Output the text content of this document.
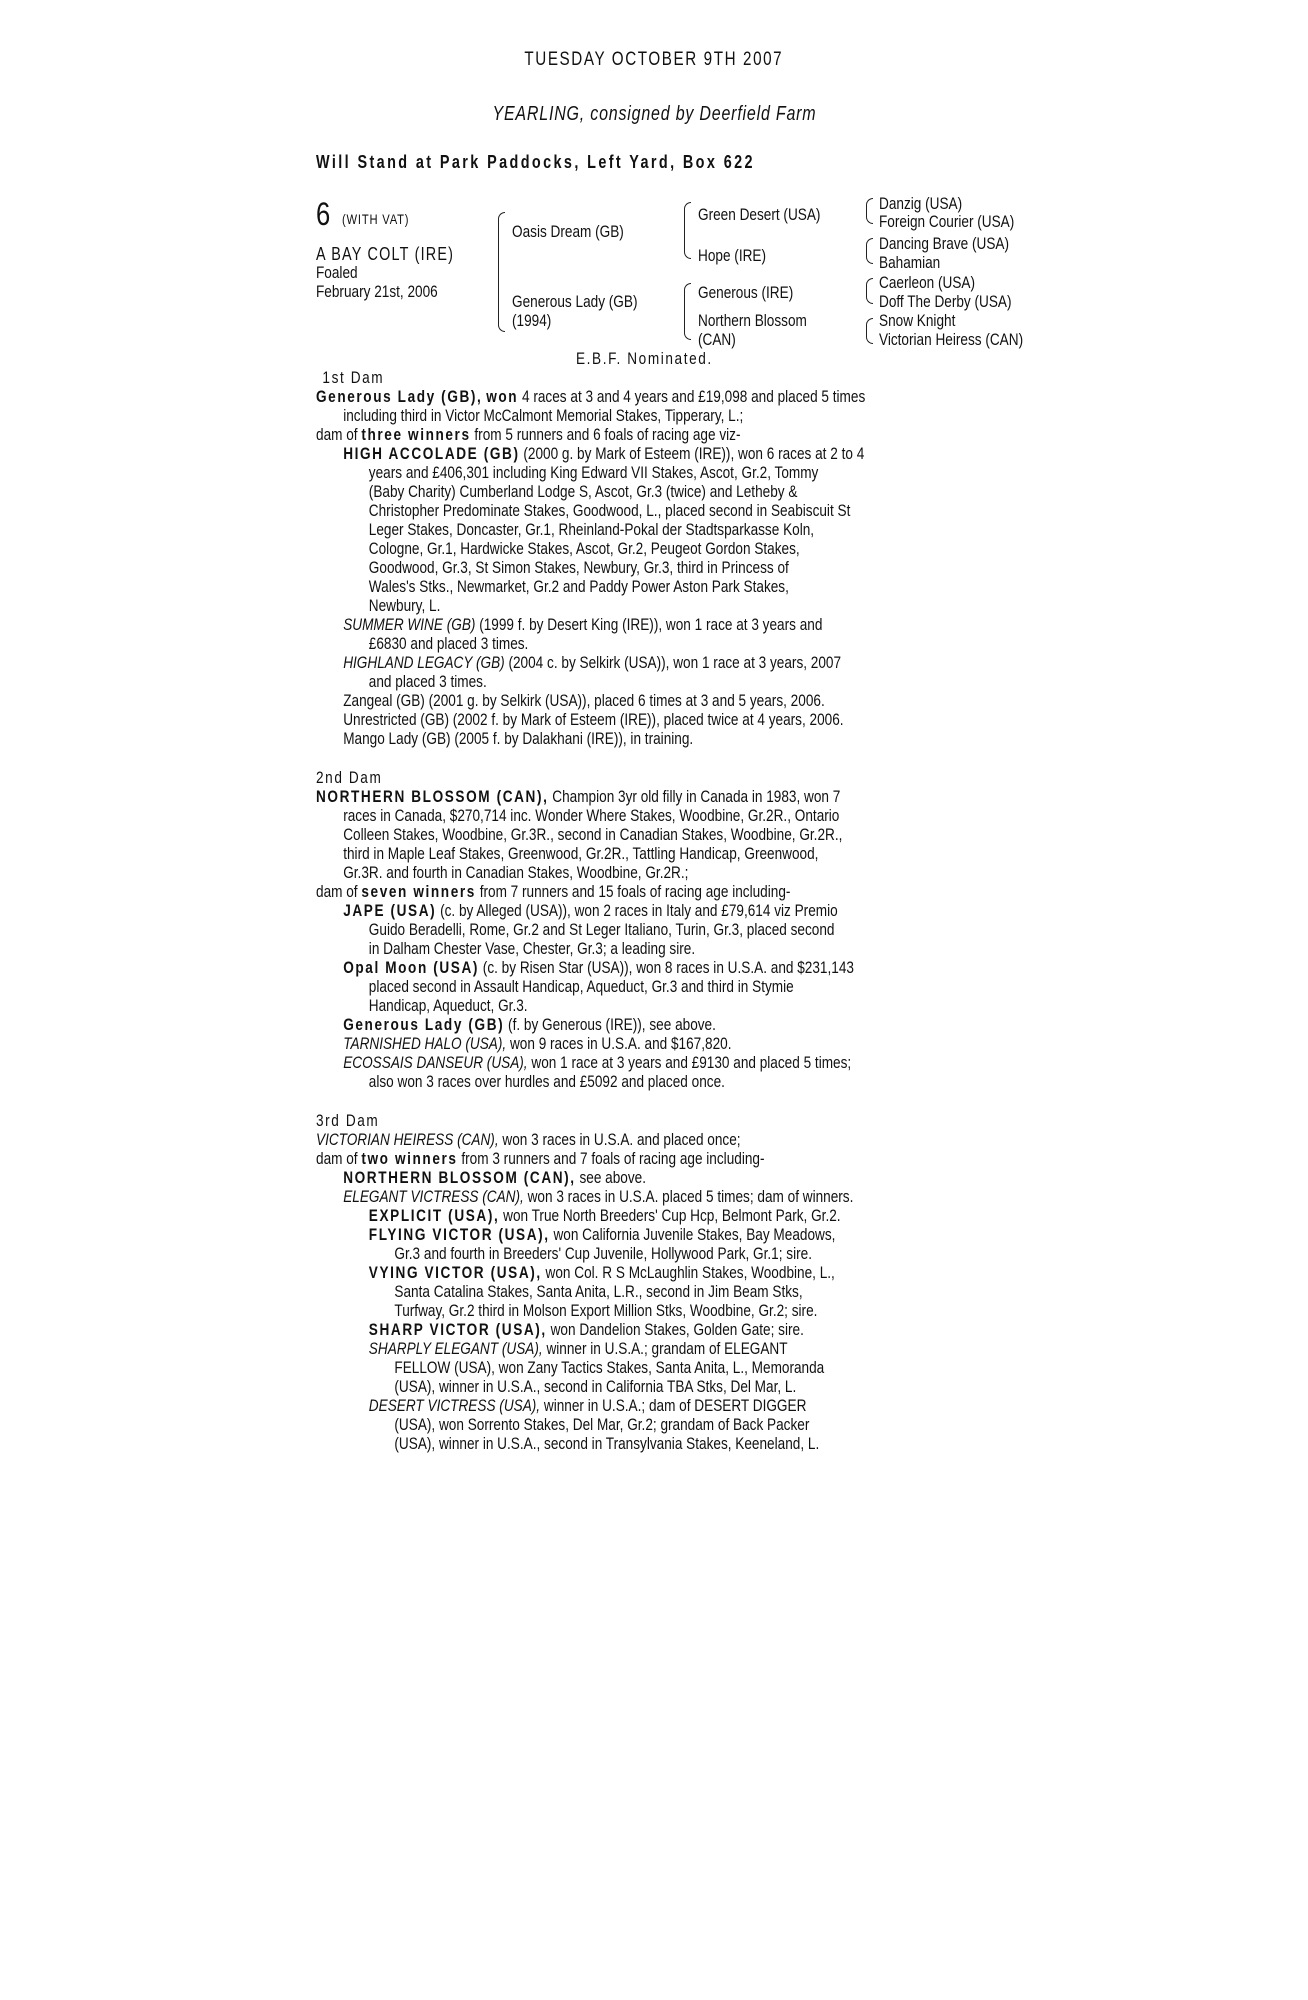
TUESDAY OCTOBER 9TH 2007
YEARLING, consigned by Deerfield Farm
Will Stand at Park Paddocks, Left Yard, Box 622
6 (WITH VAT)
A BAY COLT (IRE)
Foaled
February 21st, 2006
Oasis Dream (GB)
Generous Lady (GB)
(1994)
Green Desert (USA)
Hope (IRE)
Generous (IRE)
Northern Blossom
(CAN)
Danzig (USA)
Foreign Courier (USA)
Dancing Brave (USA)
Bahamian
Caerleon (USA)
Doff The Derby (USA)
Snow Knight
Victorian Heiress (CAN)
E.B.F. Nominated.
1st Dam
Generous Lady (GB), won 4 races at 3 and 4 years and £19,098 and placed 5 times
including third in Victor McCalmont Memorial Stakes, Tipperary, L.;
dam of three winners from 5 runners and 6 foals of racing age viz-
HIGH ACCOLADE (GB) (2000 g. by Mark of Esteem (IRE)), won 6 races at 2 to 4
years and £406,301 including King Edward VII Stakes, Ascot, Gr.2, Tommy
(Baby Charity) Cumberland Lodge S, Ascot, Gr.3 (twice) and Letheby &
Christopher Predominate Stakes, Goodwood, L., placed second in Seabiscuit St
Leger Stakes, Doncaster, Gr.1, Rheinland-Pokal der Stadtsparkasse Koln,
Cologne, Gr.1, Hardwicke Stakes, Ascot, Gr.2, Peugeot Gordon Stakes,
Goodwood, Gr.3, St Simon Stakes, Newbury, Gr.3, third in Princess of
Wales's Stks., Newmarket, Gr.2 and Paddy Power Aston Park Stakes,
Newbury, L.
SUMMER WINE (GB) (1999 f. by Desert King (IRE)), won 1 race at 3 years and
£6830 and placed 3 times.
HIGHLAND LEGACY (GB) (2004 c. by Selkirk (USA)), won 1 race at 3 years, 2007
and placed 3 times.
Zangeal (GB) (2001 g. by Selkirk (USA)), placed 6 times at 3 and 5 years, 2006.
Unrestricted (GB) (2002 f. by Mark of Esteem (IRE)), placed twice at 4 years, 2006.
Mango Lady (GB) (2005 f. by Dalakhani (IRE)), in training.
2nd Dam
NORTHERN BLOSSOM (CAN), Champion 3yr old filly in Canada in 1983, won 7
races in Canada, $270,714 inc. Wonder Where Stakes, Woodbine, Gr.2R., Ontario
Colleen Stakes, Woodbine, Gr.3R., second in Canadian Stakes, Woodbine, Gr.2R.,
third in Maple Leaf Stakes, Greenwood, Gr.2R., Tattling Handicap, Greenwood,
Gr.3R. and fourth in Canadian Stakes, Woodbine, Gr.2R.;
dam of seven winners from 7 runners and 15 foals of racing age including-
JAPE (USA) (c. by Alleged (USA)), won 2 races in Italy and £79,614 viz Premio
Guido Beradelli, Rome, Gr.2 and St Leger Italiano, Turin, Gr.3, placed second
in Dalham Chester Vase, Chester, Gr.3; a leading sire.
Opal Moon (USA) (c. by Risen Star (USA)), won 8 races in U.S.A. and $231,143
placed second in Assault Handicap, Aqueduct, Gr.3 and third in Stymie
Handicap, Aqueduct, Gr.3.
Generous Lady (GB) (f. by Generous (IRE)), see above.
TARNISHED HALO (USA), won 9 races in U.S.A. and $167,820.
ECOSSAIS DANSEUR (USA), won 1 race at 3 years and £9130 and placed 5 times;
also won 3 races over hurdles and £5092 and placed once.
3rd Dam
VICTORIAN HEIRESS (CAN), won 3 races in U.S.A. and placed once;
dam of two winners from 3 runners and 7 foals of racing age including-
NORTHERN BLOSSOM (CAN), see above.
ELEGANT VICTRESS (CAN), won 3 races in U.S.A. placed 5 times; dam of winners.
EXPLICIT (USA), won True North Breeders' Cup Hcp, Belmont Park, Gr.2.
FLYING VICTOR (USA), won California Juvenile Stakes, Bay Meadows,
Gr.3 and fourth in Breeders' Cup Juvenile, Hollywood Park, Gr.1; sire.
VYING VICTOR (USA), won Col. R S McLaughlin Stakes, Woodbine, L.,
Santa Catalina Stakes, Santa Anita, L.R., second in Jim Beam Stks,
Turfway, Gr.2 third in Molson Export Million Stks, Woodbine, Gr.2; sire.
SHARP VICTOR (USA), won Dandelion Stakes, Golden Gate; sire.
SHARPLY ELEGANT (USA), winner in U.S.A.; grandam of ELEGANT
FELLOW (USA), won Zany Tactics Stakes, Santa Anita, L., Memoranda
(USA), winner in U.S.A., second in California TBA Stks, Del Mar, L.
DESERT VICTRESS (USA), winner in U.S.A.; dam of DESERT DIGGER
(USA), won Sorrento Stakes, Del Mar, Gr.2; grandam of Back Packer
(USA), winner in U.S.A., second in Transylvania Stakes, Keeneland, L.
